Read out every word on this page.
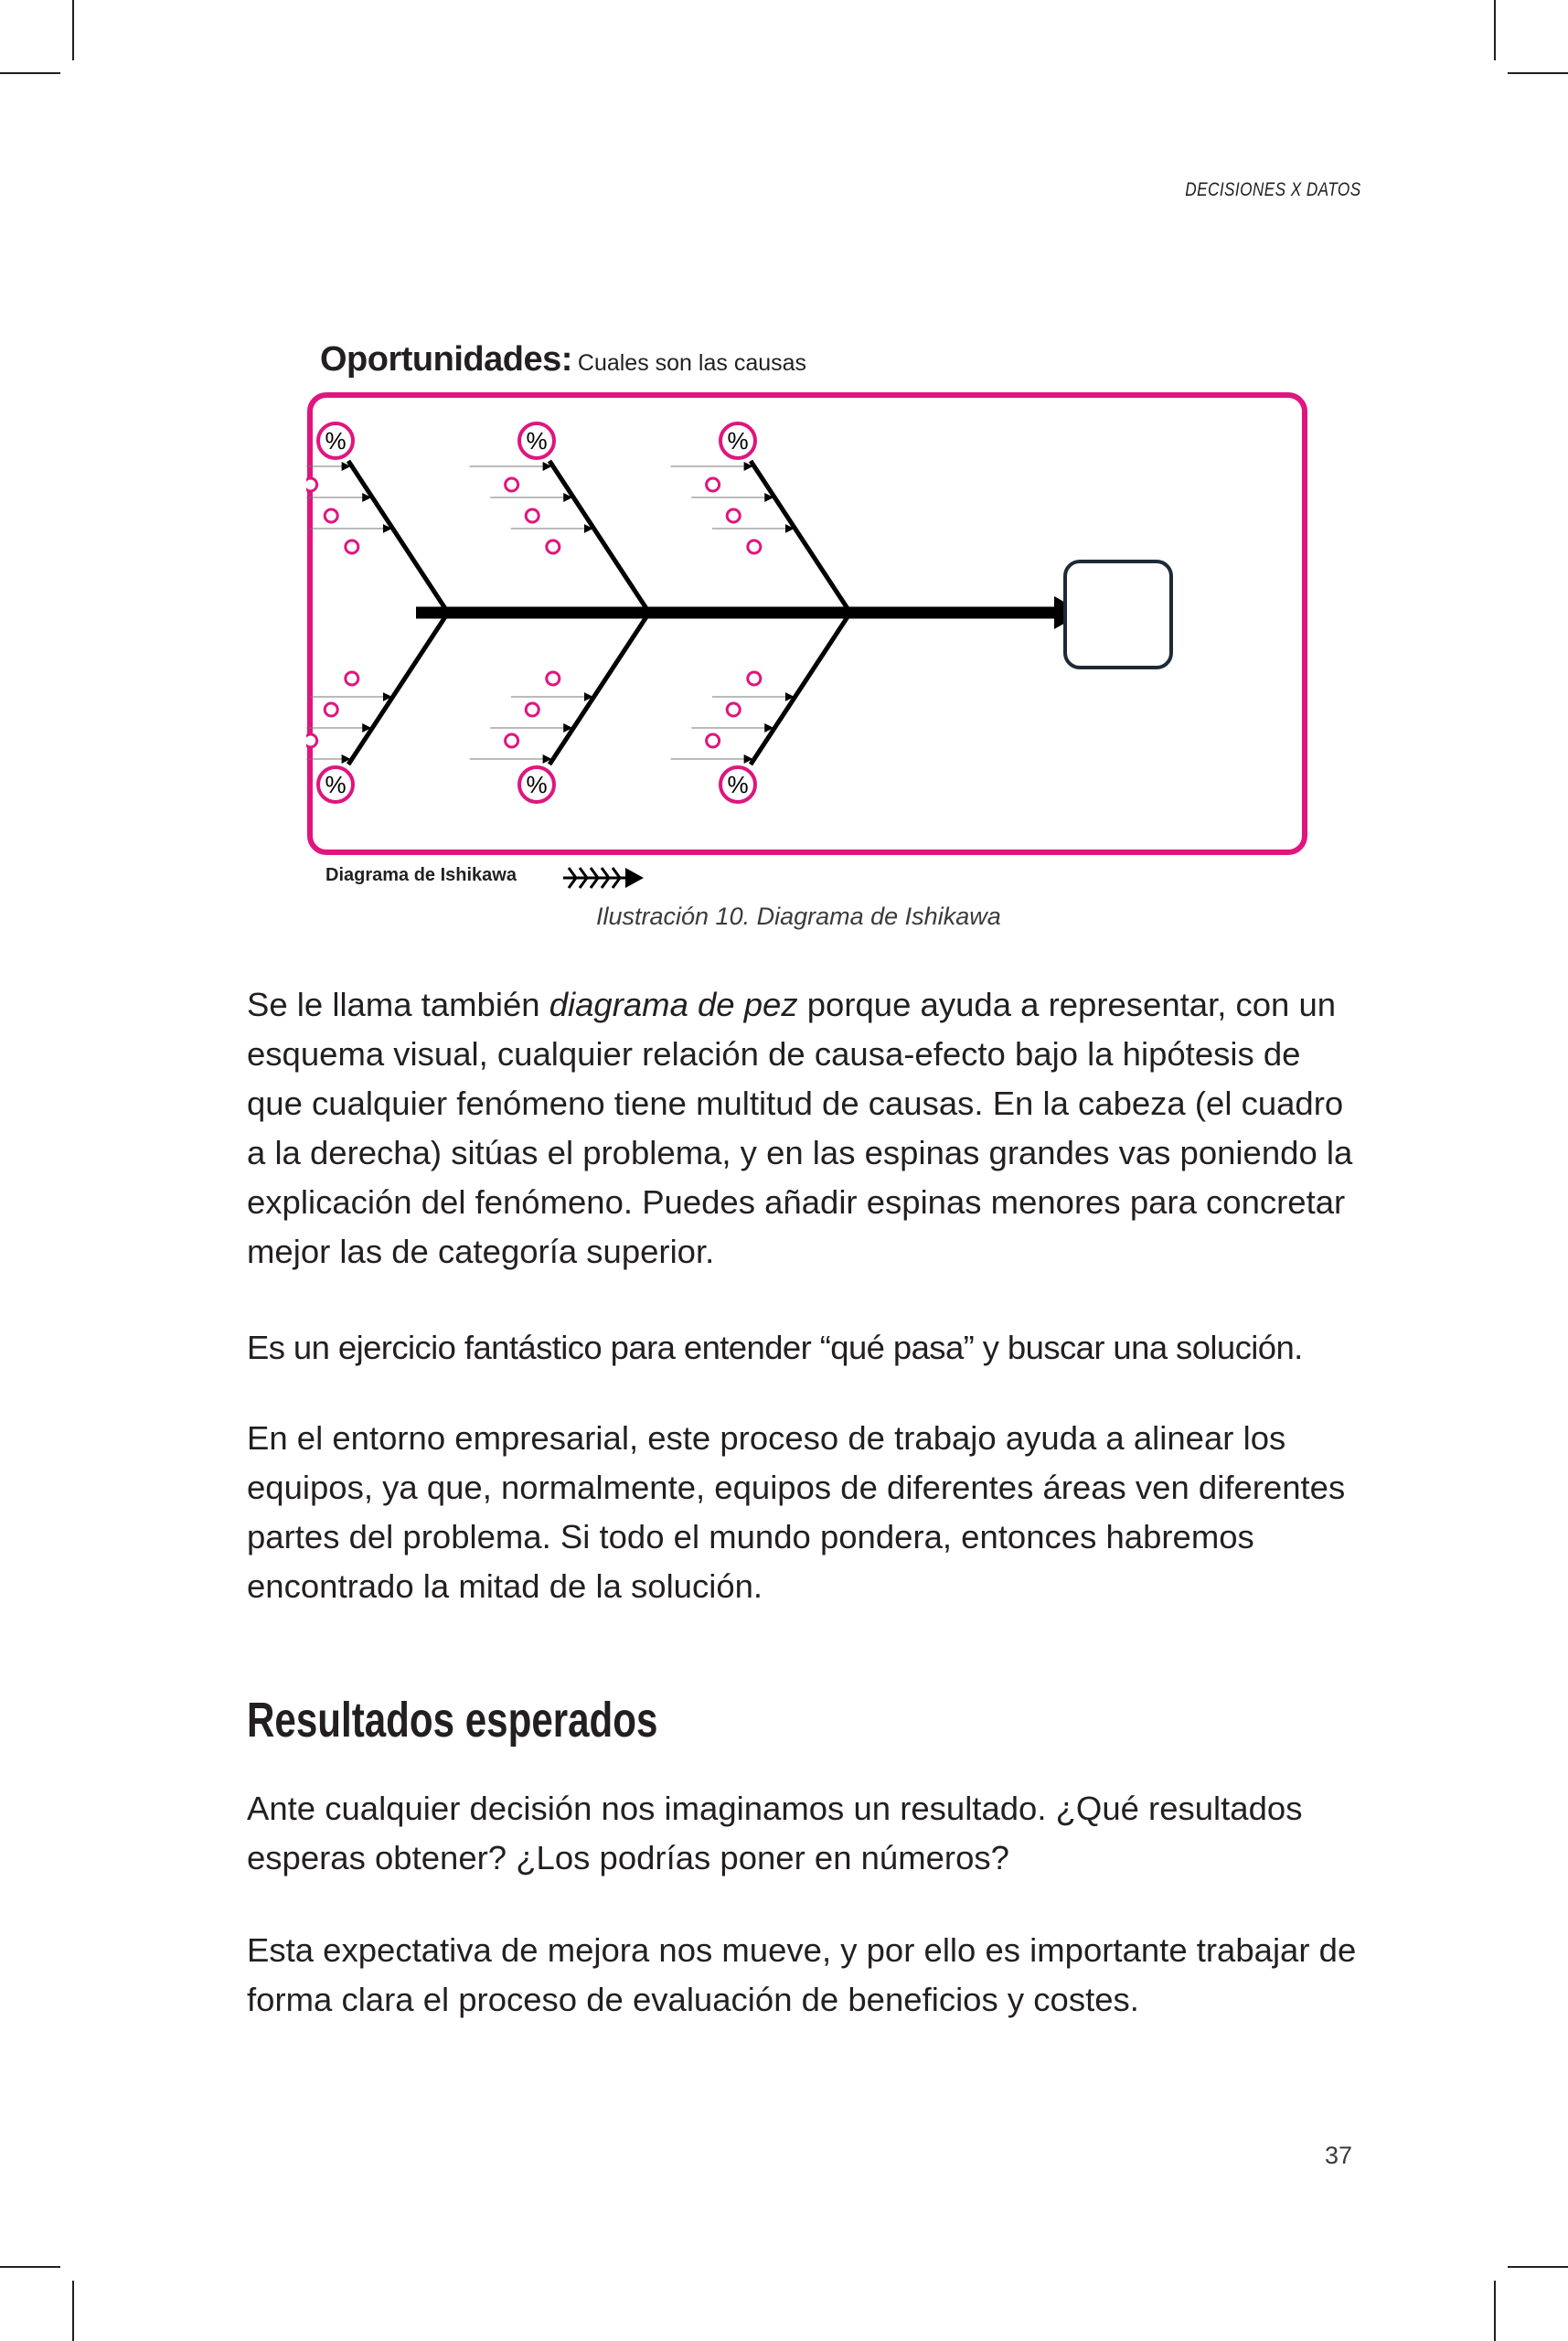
DECISIONES X DATOS
Oportunidades: Cuales son las causas
%
%
%
%
%
%
Diagrama de Ishikawa
Ilustración 10. Diagrama de Ishikawa

Se le llama también diagrama de pez porque ayuda a representar, con un esquema visual, cualquier relación de causa-efecto bajo la hipótesis de que cualquier fenómeno tiene multitud de causas. En la cabeza (el cuadro a la derecha) sitúas el problema, y en las espinas grandes vas poniendo la explicación del fenómeno. Puedes añadir espinas menores para concretar mejor las de categoría superior.

Es un ejercicio fantástico para entender “qué pasa” y buscar una solución.

En el entorno empresarial, este proceso de trabajo ayuda a alinear los equipos, ya que, normalmente, equipos de diferentes áreas ven diferentes partes del problema. Si todo el mundo pondera, entonces habremos encontrado la mitad de la solución.

Resultados esperados

Ante cualquier decisión nos imaginamos un resultado. ¿Qué resultados esperas obtener? ¿Los podrías poner en números?

Esta expectativa de mejora nos mueve, y por ello es importante trabajar de forma clara el proceso de evaluación de beneficios y costes.

37
